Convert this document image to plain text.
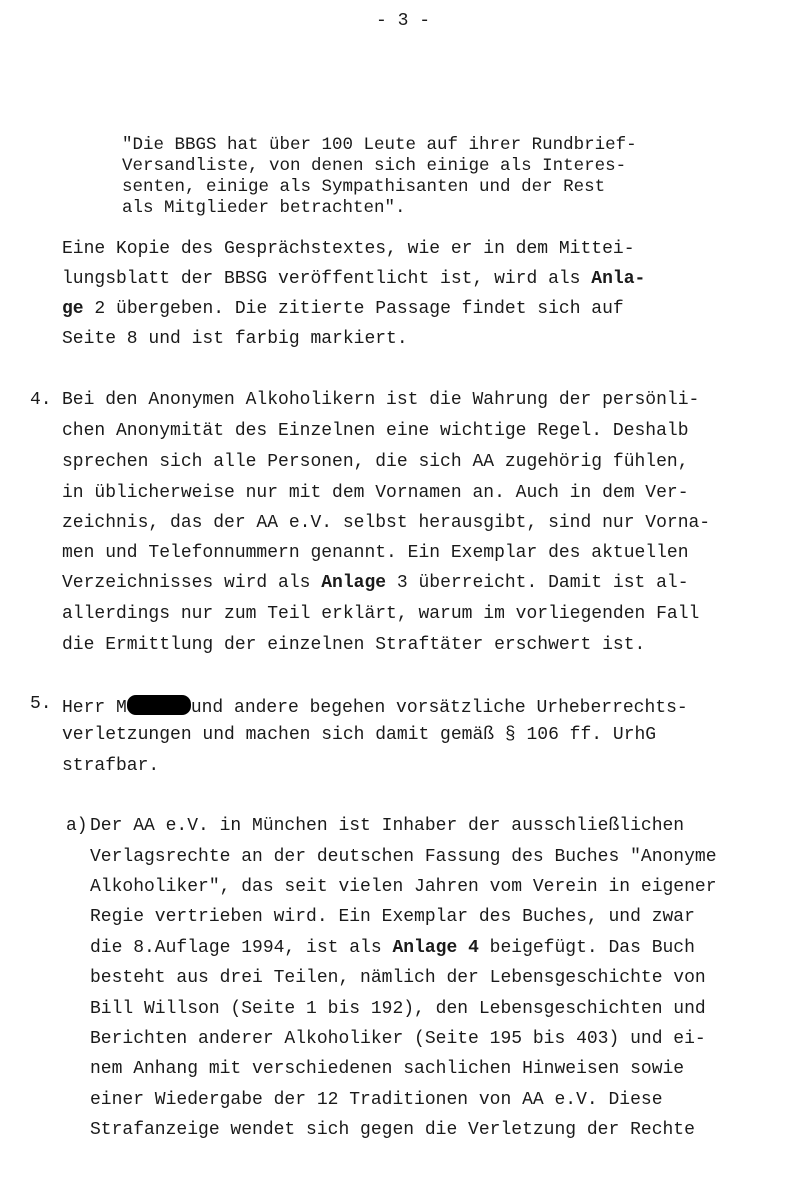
- 3 -
"Die BBGS hat über 100 Leute auf ihrer Rundbrief-
Versandliste, von denen sich einige als Interes-
senten, einige als Sympathisanten und der Rest
als Mitglieder betrachten".
Eine Kopie des Gesprächstextes, wie er in dem Mittei-
lungsblatt der BBSG veröffentlicht ist, wird als Anla-
ge 2 übergeben. Die zitierte Passage findet sich auf
Seite 8 und ist farbig markiert.
4. Bei den Anonymen Alkoholikern ist die Wahrung der persönli-
chen Anonymität des Einzelnen eine wichtige Regel. Deshalb
sprechen sich alle Personen, die sich AA zugehörig fühlen,
in üblicherweise nur mit dem Vornamen an. Auch in dem Ver-
zeichnis, das der AA e.V. selbst herausgibt, sind nur Vorna-
men und Telefonnummern genannt. Ein Exemplar des aktuellen
Verzeichnisses wird als Anlage 3 überreicht. Damit ist al-
allerdings nur zum Teil erklärt, warum im vorliegenden Fall
die Ermittlung der einzelnen Straftäter erschwert ist.
5. Herr M	und andere begehen vorsätzliche Urheberrechts-
verletzungen und machen sich damit gemäß § 106 ff. UrhG
strafbar.
a) Der AA e.V. in München ist Inhaber der ausschließlichen
Verlagsrechte an der deutschen Fassung des Buches "Anonyme
Alkoholiker", das seit vielen Jahren vom Verein in eigener
Regie vertrieben wird. Ein Exemplar des Buches, und zwar
die 8.Auflage 1994, ist als Anlage 4 beigefügt. Das Buch
besteht aus drei Teilen, nämlich der Lebensgeschichte von
Bill Willson (Seite 1 bis 192), den Lebensgeschichten und
Berichten anderer Alkoholiker (Seite 195 bis 403) und ei-
nem Anhang mit verschiedenen sachlichen Hinweisen sowie
einer Wiedergabe der 12 Traditionen von AA e.V. Diese
Strafanzeige wendet sich gegen die Verletzung der Rechte
